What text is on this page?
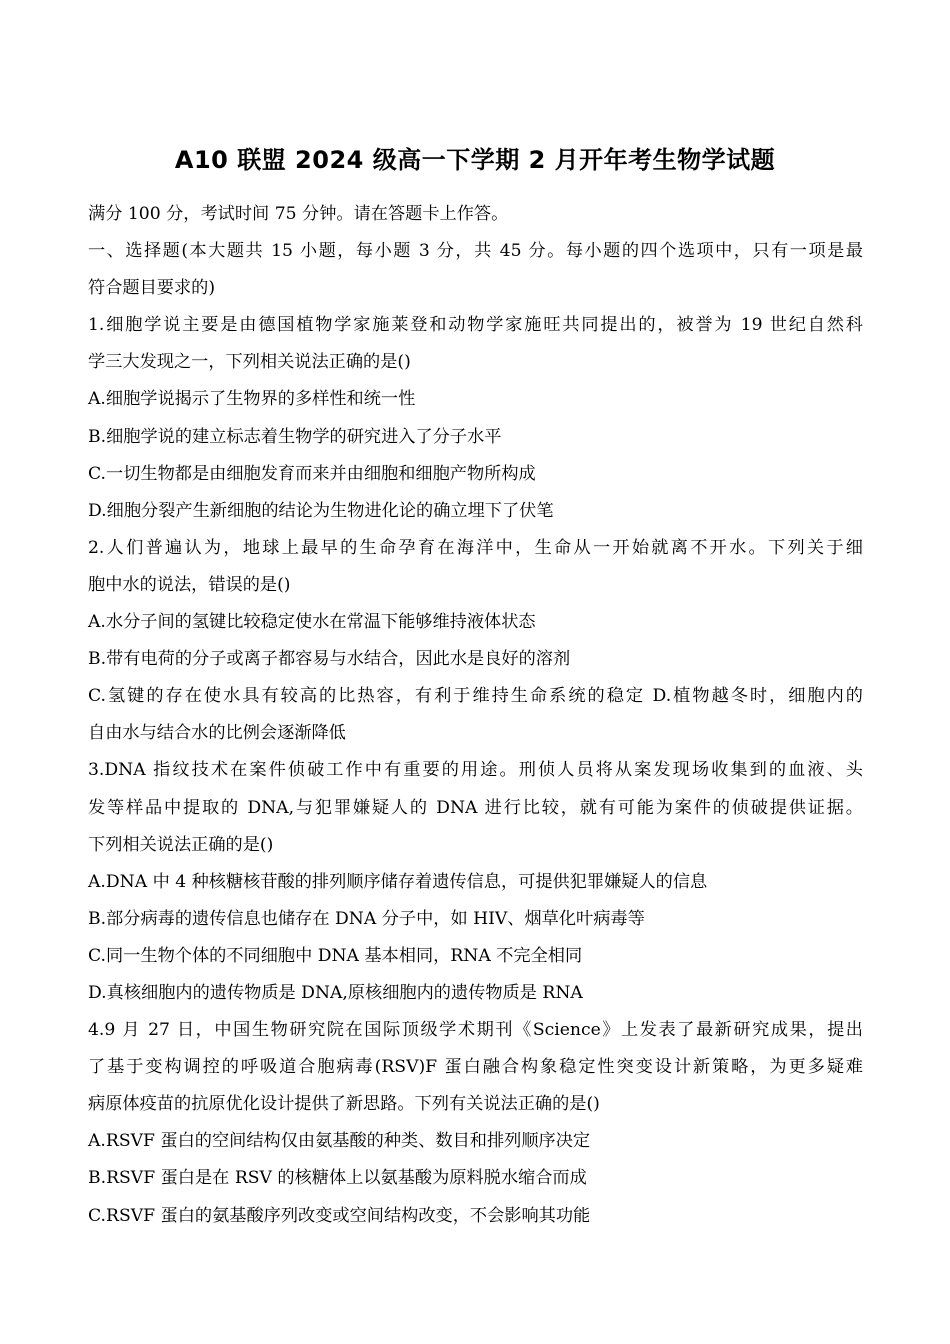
A10 联盟 2024 级高一下学期 2 月开年考生物学试题
满分 100 分，考试时间 75 分钟。请在答题卡上作答。
一、选择题(本大题共 15 小题，每小题 3 分，共 45 分。每小题的四个选项中，只有一项是最
符合题目要求的)
1.细胞学说主要是由德国植物学家施莱登和动物学家施旺共同提出的，被誉为 19 世纪自然科
学三大发现之一，下列相关说法正确的是()
A.细胞学说揭示了生物界的多样性和统一性
B.细胞学说的建立标志着生物学的研究进入了分子水平
C.一切生物都是由细胞发育而来并由细胞和细胞产物所构成
D.细胞分裂产生新细胞的结论为生物进化论的确立埋下了伏笔
2.人们普遍认为，地球上最早的生命孕育在海洋中，生命从一开始就离不开水。下列关于细
胞中水的说法，错误的是()
A.水分子间的氢键比较稳定使水在常温下能够维持液体状态
B.带有电荷的分子或离子都容易与水结合，因此水是良好的溶剂
C.氢键的存在使水具有较高的比热容，有利于维持生命系统的稳定 D.植物越冬时，细胞内的
自由水与结合水的比例会逐渐降低
3.DNA 指纹技术在案件侦破工作中有重要的用途。刑侦人员将从案发现场收集到的血液、头
发等样品中提取的 DNA,与犯罪嫌疑人的 DNA 进行比较，就有可能为案件的侦破提供证据。
下列相关说法正确的是()
A.DNA 中 4 种核糖核苷酸的排列顺序储存着遗传信息，可提供犯罪嫌疑人的信息
B.部分病毒的遗传信息也储存在 DNA 分子中，如 HIV、烟草化叶病毒等
C.同一生物个体的不同细胞中 DNA 基本相同，RNA 不完全相同
D.真核细胞内的遗传物质是 DNA,原核细胞内的遗传物质是 RNA
4.9 月 27 日，中国生物研究院在国际顶级学术期刊《Science》上发表了最新研究成果，提出
了基于变构调控的呼吸道合胞病毒(RSV)F 蛋白融合构象稳定性突变设计新策略，为更多疑难
病原体疫苗的抗原优化设计提供了新思路。下列有关说法正确的是()
A.RSVF 蛋白的空间结构仅由氨基酸的种类、数目和排列顺序决定
B.RSVF 蛋白是在 RSV 的核糖体上以氨基酸为原料脱水缩合而成
C.RSVF 蛋白的氨基酸序列改变或空间结构改变，不会影响其功能
